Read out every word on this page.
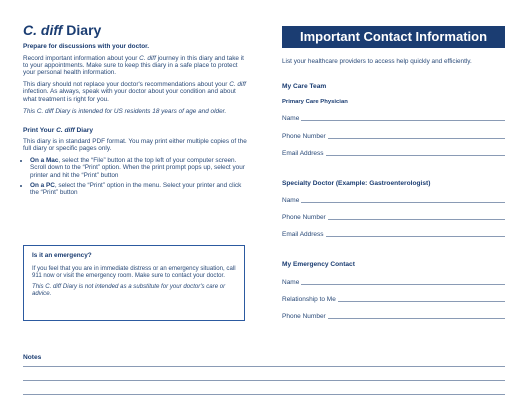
C. diff Diary
Prepare for discussions with your doctor.
Record important information about your C. diff journey in this diary and take it to your appointments. Make sure to keep this diary in a safe place to protect your personal health information.
This diary should not replace your doctor's recommendations about your C. diff infection. As always, speak with your doctor about your condition and about what treatment is right for you.
This C. diff Diary is intended for US residents 18 years of age and older.
Print Your C. diff Diary
This diary is in standard PDF format. You may print either multiple copies of the full diary or specific pages only.
• On a Mac, select the “File” button at the top left of your computer screen. Scroll down to the “Print” option. When the print prompt pops up, select your printer and hit the “Print” button
• On a PC, select the “Print” option in the menu. Select your printer and click the “Print” button
Is it an emergency?
If you feel that you are in immediate distress or an emergency situation, call 911 now or visit the emergency room. Make sure to contact your doctor.
This C. diff Diary is not intended as a substitute for your doctor's care or advice.
Notes
Important Contact Information
List your healthcare providers to access help quickly and efficiently.
My Care Team
Primary Care Physician
Name
Phone Number
Email Address
Specialty Doctor (Example: Gastroenterologist)
Name
Phone Number
Email Address
My Emergency Contact
Name
Relationship to Me
Phone Number
